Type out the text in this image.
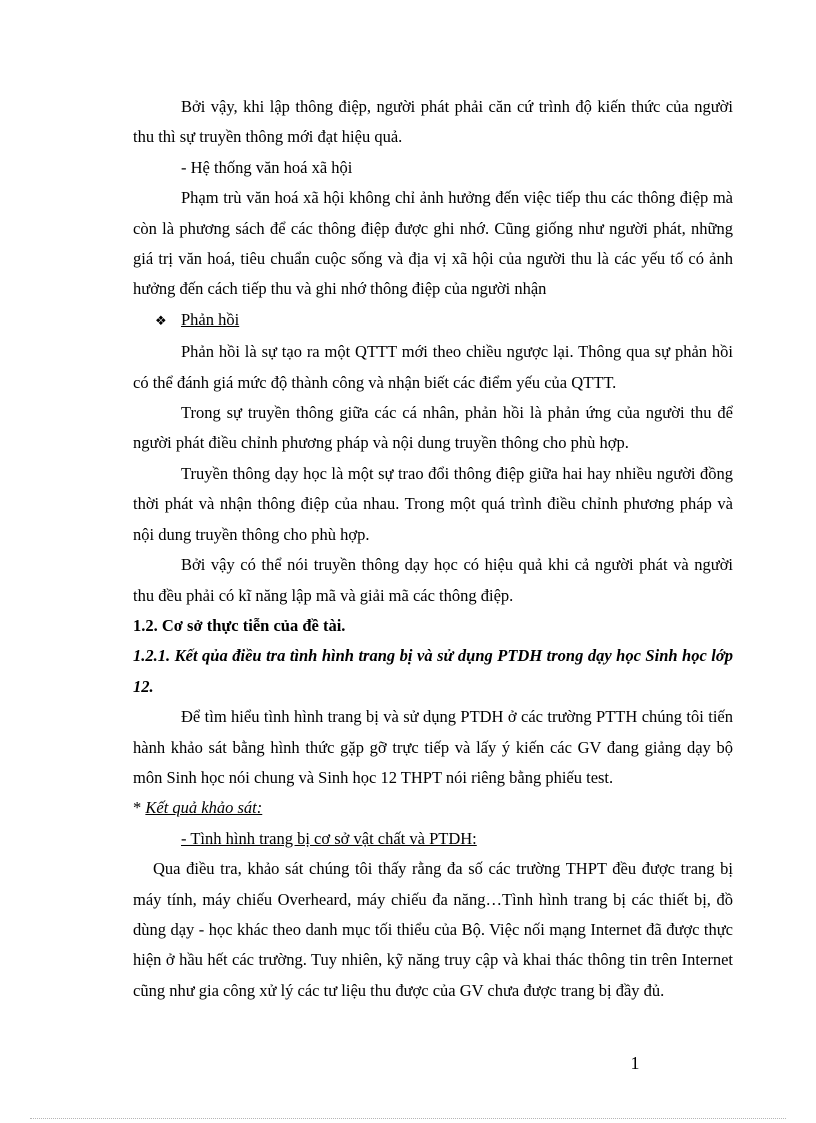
Bởi vậy, khi lập thông điệp, người phát phải căn cứ trình độ kiến thức của người thu thì sự truyền thông mới đạt hiệu quả.

- Hệ thống văn hoá xã hội

Phạm trù văn hoá xã hội không chỉ ảnh hưởng đến việc tiếp thu các thông điệp mà còn là phương sách để các thông điệp được ghi nhớ. Cũng giống như người phát, những giá trị văn hoá, tiêu chuẩn cuộc sống và địa vị xã hội của người thu là các yếu tố có ảnh hưởng đến cách tiếp thu và ghi nhớ thông điệp của người nhận

❖ Phản hồi

Phản hồi là sự tạo ra một QTTT mới theo chiều ngược lại. Thông qua sự phản hồi có thể đánh giá mức độ thành công và nhận biết các điểm yếu của QTTT.

Trong sự truyền thông giữa các cá nhân, phản hồi là phản ứng của người thu để người phát điều chỉnh phương pháp và nội dung truyền thông cho phù hợp.

Truyền thông dạy học là một sự trao đổi thông điệp giữa hai hay nhiều người đồng thời phát và nhận thông điệp của nhau. Trong một quá trình điều chỉnh phương pháp và nội dung truyền thông cho phù hợp.

Bởi vậy có thể nói truyền thông dạy học có hiệu quả khi cả người phát và người thu đều phải có kĩ năng lập mã và giải mã các thông điệp.

1.2. Cơ sở thực tiễn của đề tài.

1.2.1. Kết qủa điều tra tình hình trang bị và sử dụng PTDH trong dạy học Sinh học lớp 12.

Để tìm hiểu tình hình trang bị và sử dụng PTDH ở các trường PTTH chúng tôi tiến hành khảo sát bằng hình thức gặp gỡ trực tiếp và lấy ý kiến các GV đang giảng dạy bộ môn Sinh học nói chung và Sinh học 12 THPT nói riêng bằng phiếu test.

* Kết quả khảo sát:

- Tình hình trang bị cơ sở vật chất và PTDH:

Qua điều tra, khảo sát chúng tôi thấy rằng đa số các trường THPT đều được trang bị máy tính, máy chiếu Overheard, máy chiếu đa năng…Tình hình trang bị các thiết bị, đồ dùng dạy - học khác theo danh mục tối thiểu của Bộ. Việc nối mạng Internet đã được thực hiện ở hầu hết các trường. Tuy nhiên, kỹ năng truy cập và khai thác thông tin trên Internet cũng như gia công xử lý các tư liệu thu được của GV chưa được trang bị đầy đủ.

1
